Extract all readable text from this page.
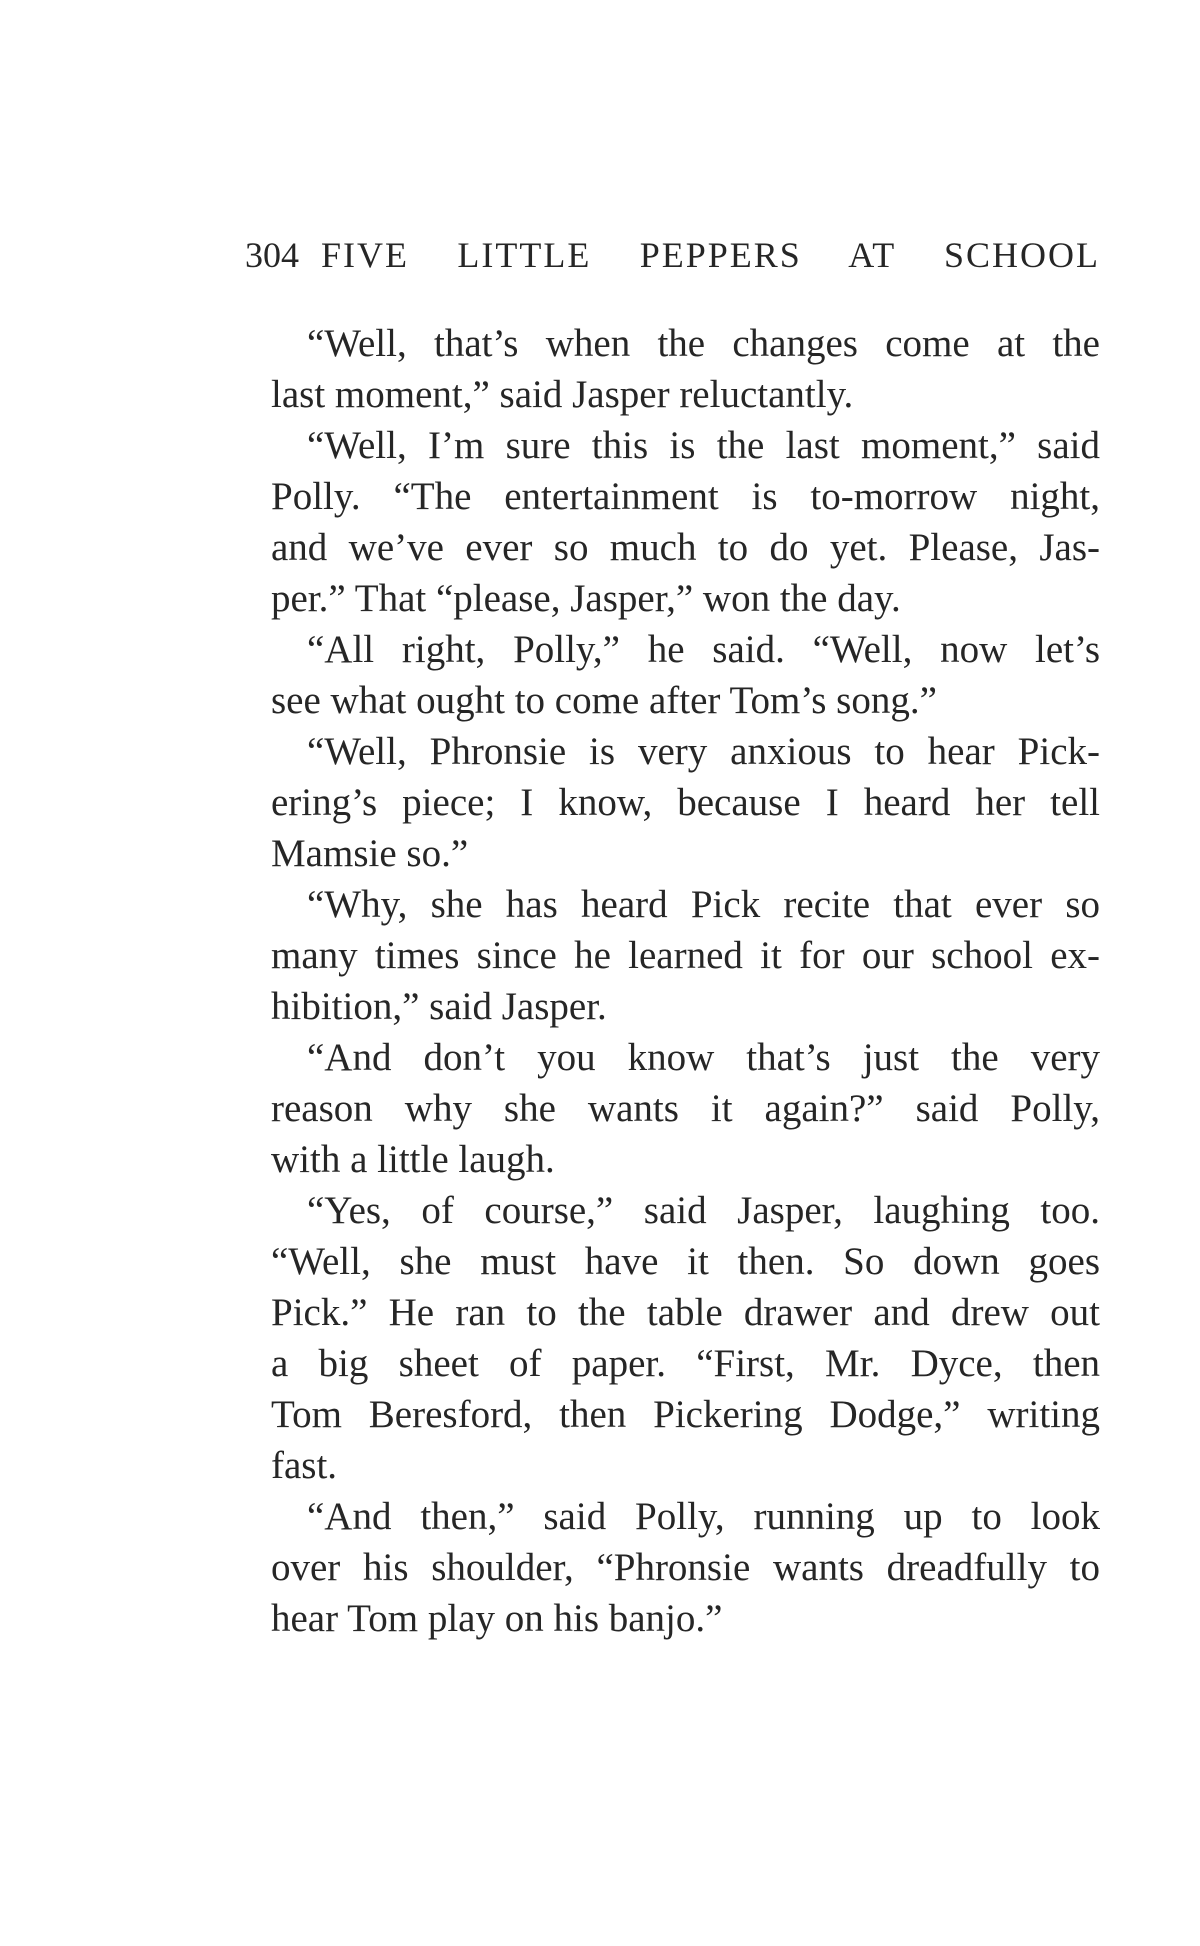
304 FIVE LITTLE PEPPERS AT SCHOOL
“Well, that’s when the changes come at the
last moment,” said Jasper reluctantly.
“Well, I’m sure this is the last moment,” said
Polly. “The entertainment is to-morrow night,
and we’ve ever so much to do yet. Please, Jas-
per.” That “please, Jasper,” won the day.
“All right, Polly,” he said. “Well, now let’s
see what ought to come after Tom’s song.”
“Well, Phronsie is very anxious to hear Pick-
ering’s piece; I know, because I heard her tell
Mamsie so.”
“Why, she has heard Pick recite that ever so
many times since he learned it for our school ex-
hibition,” said Jasper.
“And don’t you know that’s just the very
reason why she wants it again?” said Polly,
with a little laugh.
“Yes, of course,” said Jasper, laughing too.
“Well, she must have it then. So down goes
Pick.” He ran to the table drawer and drew out
a big sheet of paper. “First, Mr. Dyce, then
Tom Beresford, then Pickering Dodge,” writing
fast.
“And then,” said Polly, running up to look
over his shoulder, “Phronsie wants dreadfully to
hear Tom play on his banjo.”
